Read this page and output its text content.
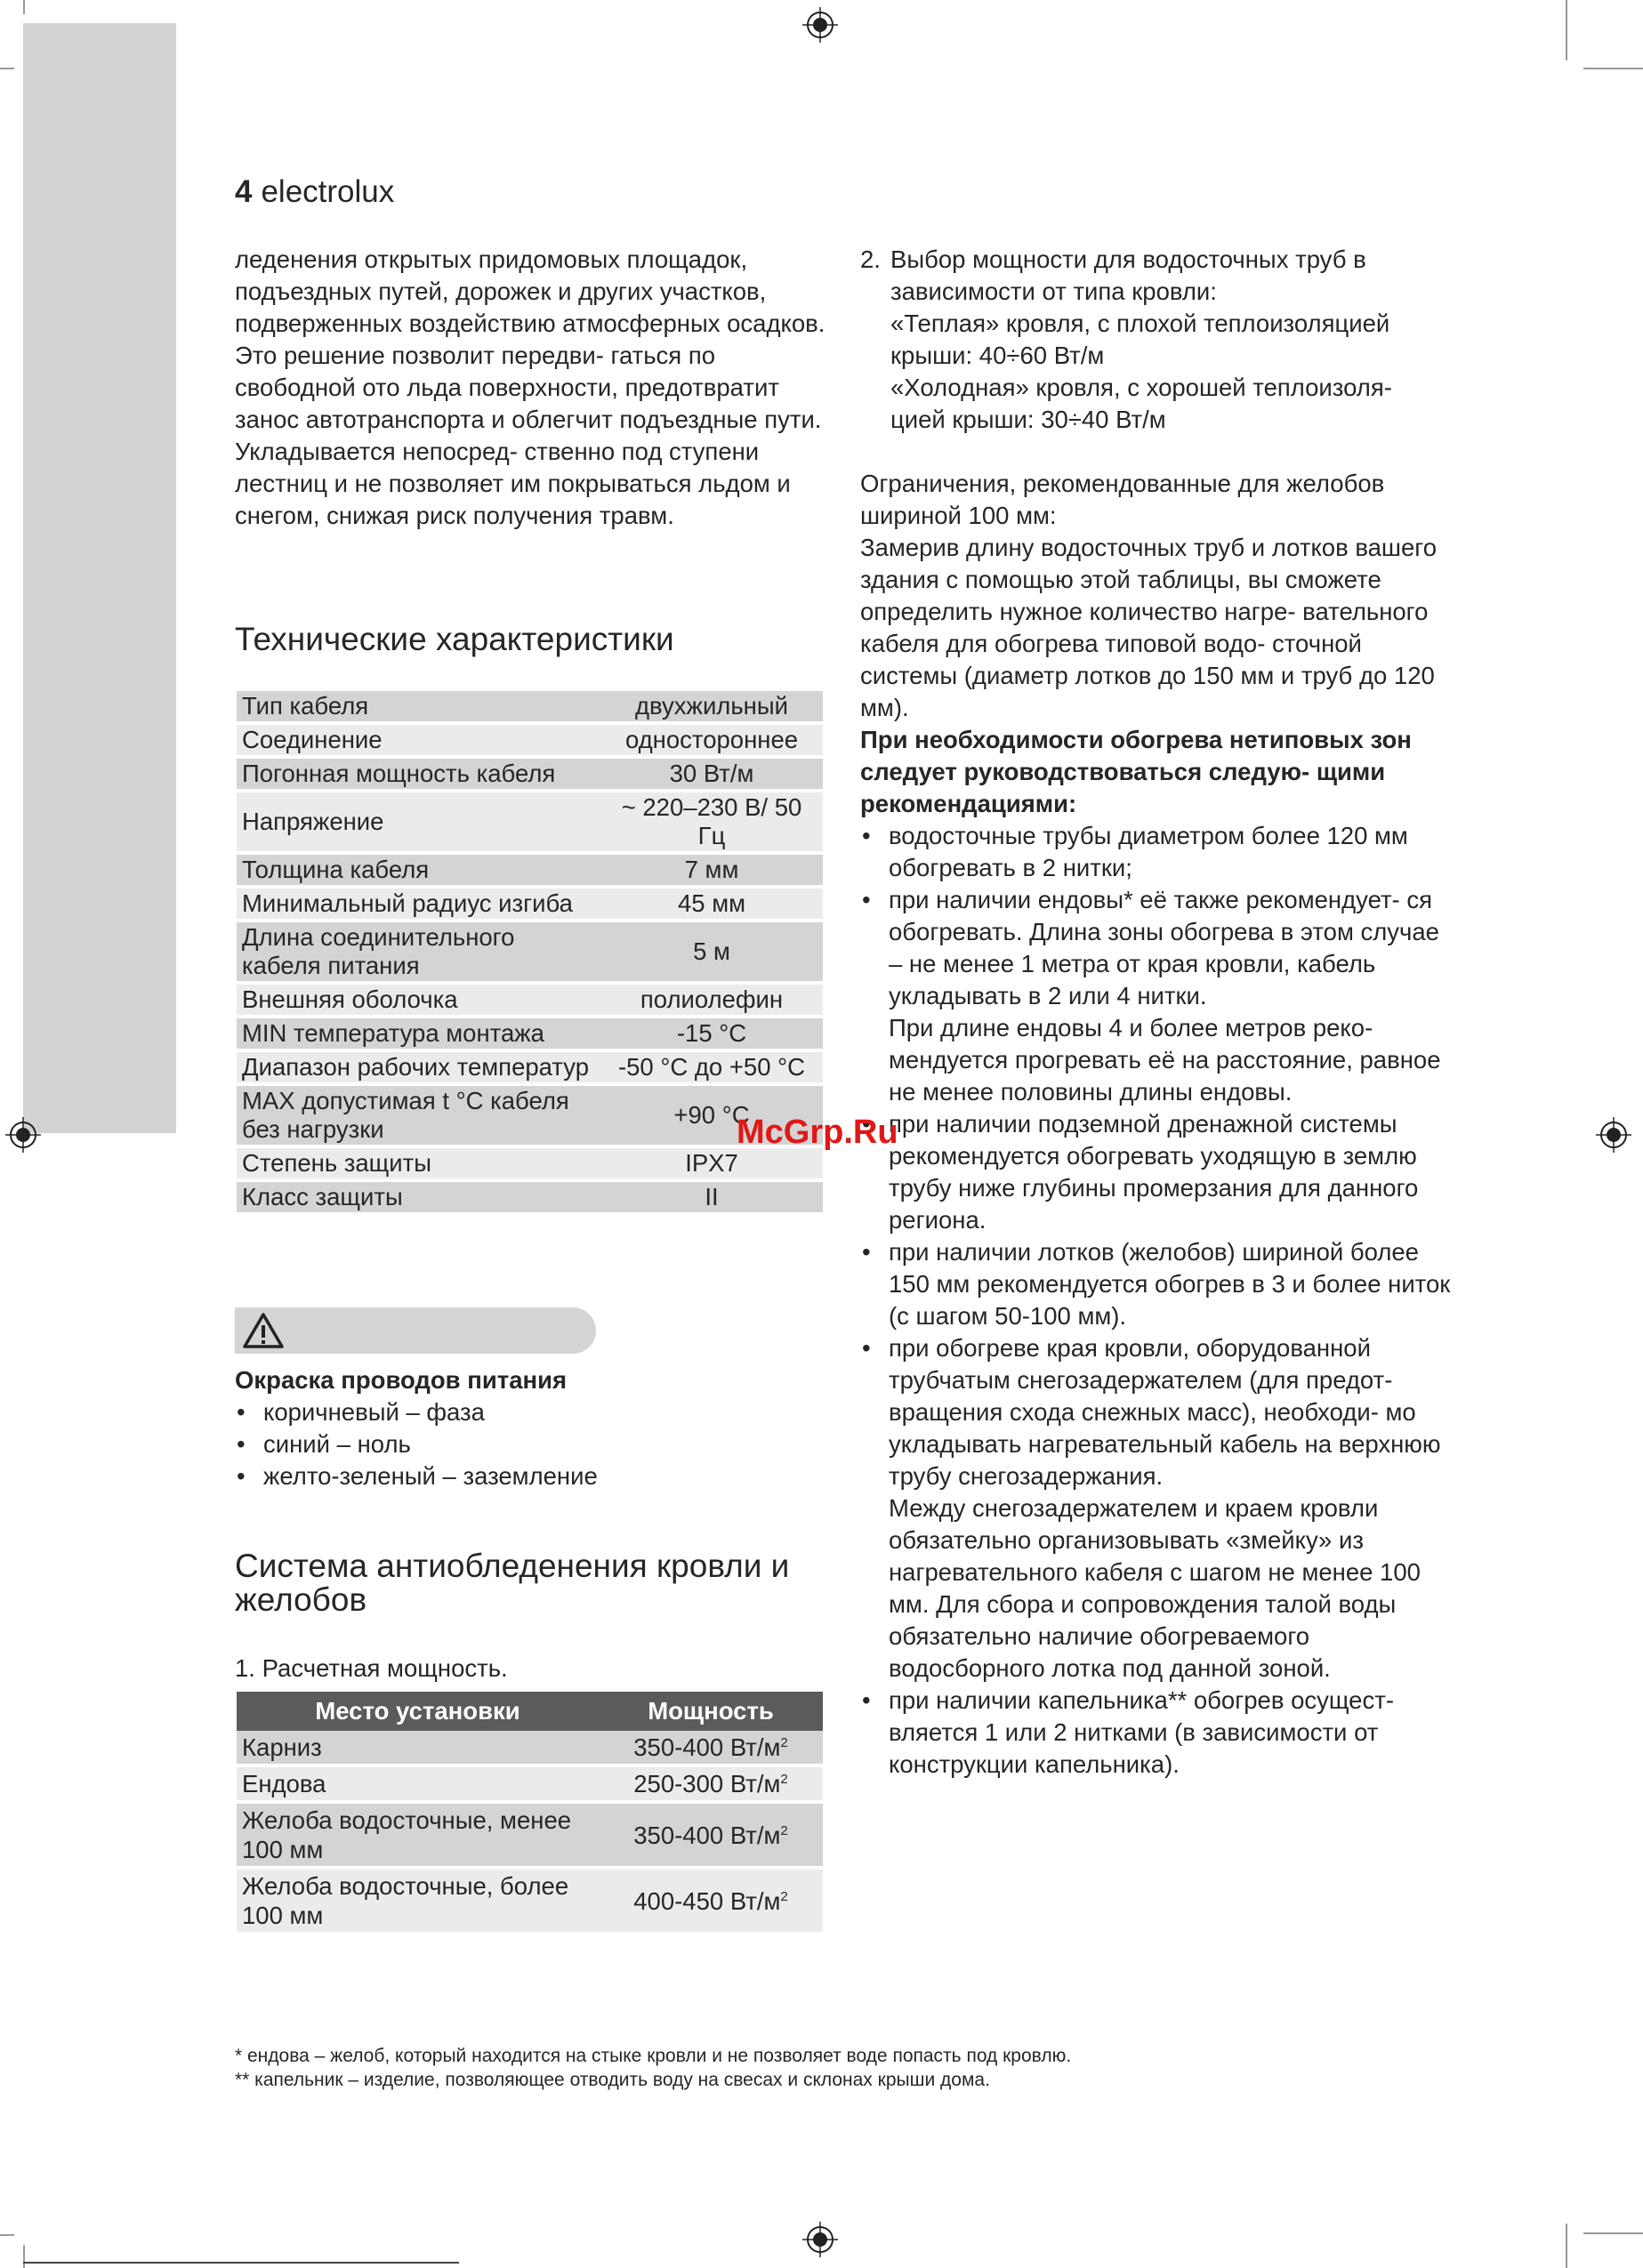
4 electrolux
леденения открытых придомовых площадок, подъездных путей, дорожек и других участков, подверженных воздействию атмосферных осадков. Это решение позволит передви- гаться по свободной ото льда поверхности, предотвратит занос автотранспорта и облегчит подъездные пути. Укладывается непосред- ственно под ступени лестниц и не позволяет им покрываться льдом и снегом, снижая риск получения травм.
Технические характеристики
Тип кабеля	двухжильный
Соединение	одностороннее
Погонная мощность кабеля	30 Вт/м
Напряжение	~ 220–230 В/ 50 Гц
Толщина кабеля	7 мм
Минимальный радиус изгиба	45 мм
Длина соединительного кабеля питания	5 м
Внешняя оболочка	полиолефин
MIN температура монтажа	-15 °C
Диапазон рабочих температур	-50 °C до +50 °C
MAX допустимая t °C кабеля без нагрузки	+90 °C
Степень защиты	IPX7
Класс защиты	II
Окраска проводов питания
• коричневый – фаза
• синий – ноль
• желто-зеленый – заземление
Система антиобледенения кровли и желобов
1. Расчетная мощность.
Место установки	Мощность
Карниз	350-400 $Вт/м^2$
Ендова	250-300 $Вт/м^2$
Желоба водосточные, менее 100 мм	350-400 $Вт/м^2$
Желоба водосточные, более 100 мм	400-450 $Вт/м^2$
2. Выбор мощности для водосточных труб в зависимости от типа кровли:
«Теплая» кровля, с плохой теплоизоляцией крыши: 40÷60 Вт/м
«Холодная» кровля, с хорошей теплоизоля- цией крыши: 30÷40 Вт/м
Ограничения, рекомендованные для желобов шириной 100 мм:
Замерив длину водосточных труб и лотков вашего здания с помощью этой таблицы, вы сможете определить нужное количество нагре- вательного кабеля для обогрева типовой водо- сточной системы (диаметр лотков до 150 мм и труб до 120 мм).
При необходимости обогрева нетиповых зон следует руководствоваться следую- щими рекомендациями:
• водосточные трубы диаметром более 120 мм обогревать в 2 нитки;
• при наличии ендовы* её также рекомендует- ся обогревать. Длина зоны обогрева в этом случае – не менее 1 метра от края кровли, кабель укладывать в 2 или 4 нитки.
При длине ендовы 4 и более метров реко- мендуется прогревать её на расстояние, равное не менее половины длины ендовы.
• при наличии подземной дренажной системы рекомендуется обогревать уходящую в землю трубу ниже глубины промерзания для данного региона.
• при наличии лотков (желобов) шириной более 150 мм рекомендуется обогрев в 3 и более ниток (с шагом 50-100 мм).
• при обогреве края кровли, оборудованной трубчатым снегозадержателем (для предот- вращения схода снежных масс), необходи- мо укладывать нагревательный кабель на верхнюю трубу снегозадержания.
Между снегозадержателем и краем кровли обязательно организовывать «змейку» из нагревательного кабеля с шагом не менее 100 мм. Для сбора и сопровождения талой воды обязательно наличие обогреваемого водосборного лотка под данной зоной.
• при наличии капельника** обогрев осущест- вляется 1 или 2 нитками (в зависимости от конструкции капельника).
* ендова – желоб, который находится на стыке кровли и не позволяет воде попасть под кровлю.
** капельник – изделие, позволяющее отводить воду на свесах и склонах крыши дома.
McGrp.Ru
